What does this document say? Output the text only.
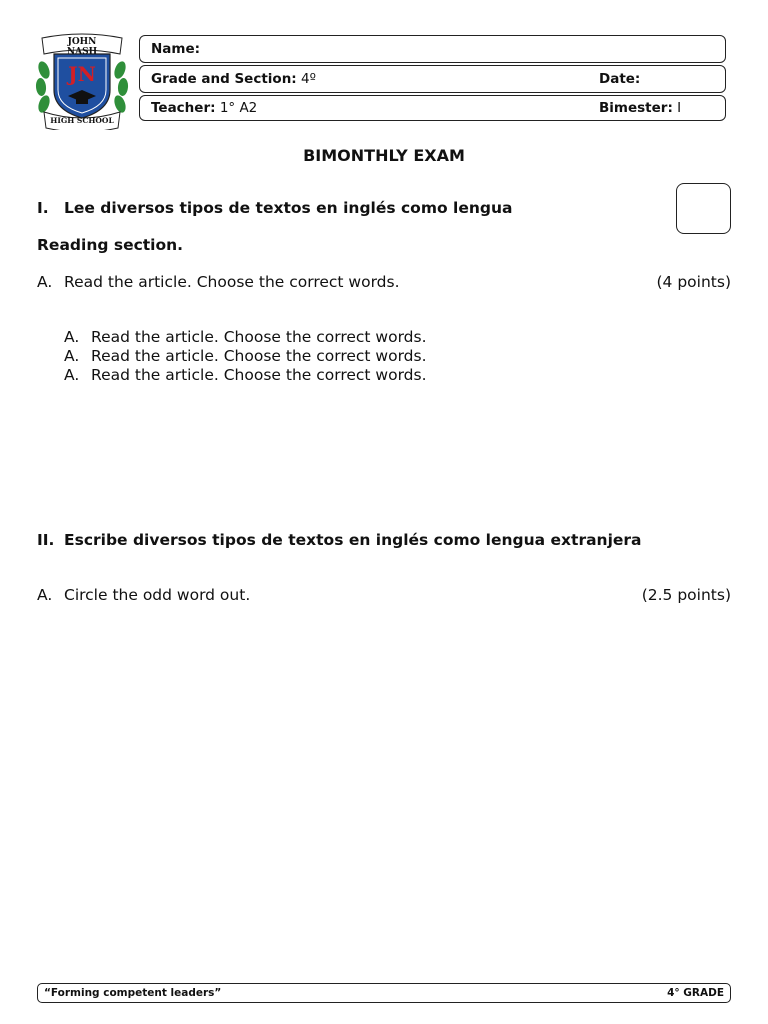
JOHN NASH
JN
HIGH SCHOOL
Name:
Grade and Section: 4º	Date:
Teacher: 1° A2	Bimester: I
BIMONTHLY EXAM
I. Lee diversos tipos de textos en inglés como lengua
Reading section.
A. Read the article. Choose the correct words.	(4 points)
A. Read the article. Choose the correct words.
A. Read the article. Choose the correct words.
A. Read the article. Choose the correct words.
II. Escribe diversos tipos de textos en inglés como lengua extranjera
A. Circle the odd word out.	(2.5 points)
“Forming competent leaders”	4° GRADE
